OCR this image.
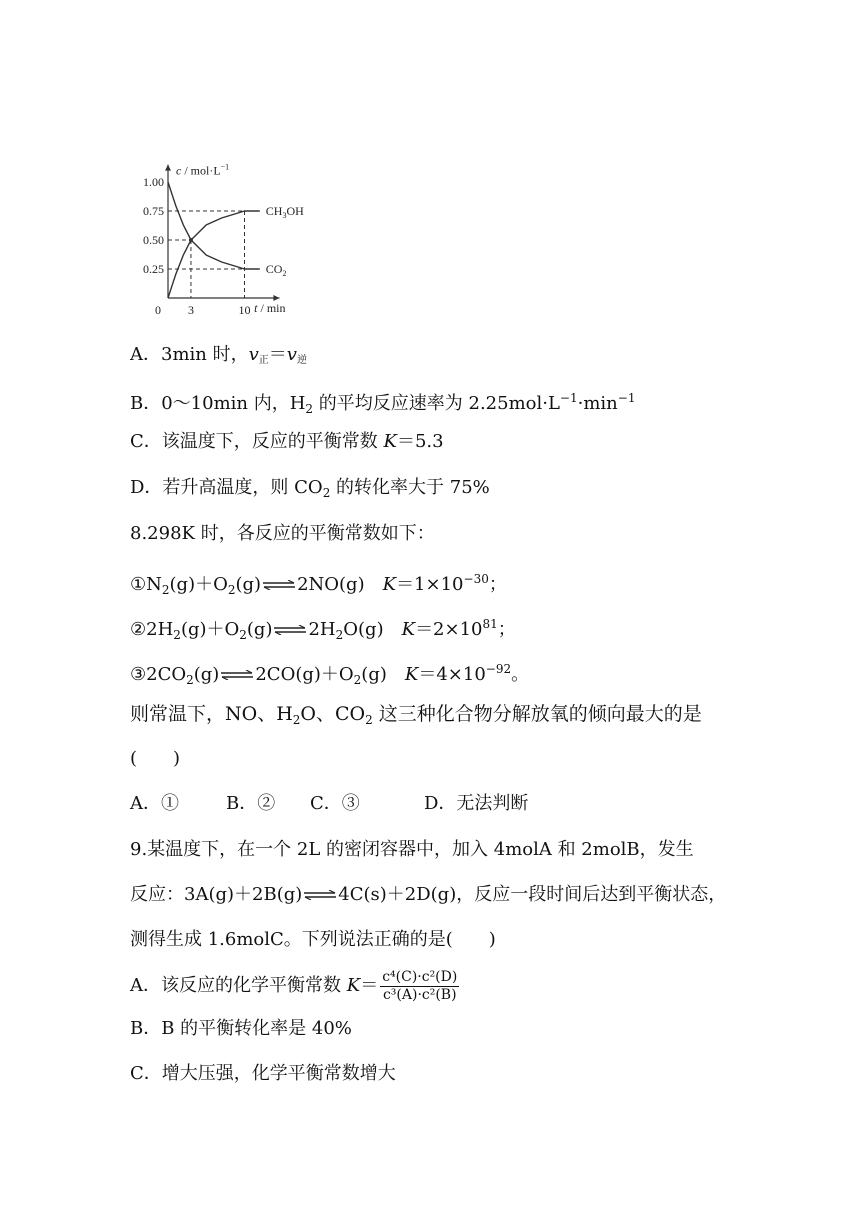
1.00
0.75
0.50
0.25
0 3	10
$CH_3OH$
$CO_2$
$c / mol\cdot L^{-1}$
t / min
A．3min 时，v正＝v逆
B．0～10min 内，$H_2$ 的平均反应速率为 $2.25mol\cdot L^{-1}\cdot\min^{-1}$
C．该温度下，反应的平衡常数 K＝5.3
D．若升高温度，则 $CO_2$ 的转化率大于 75%
8.298K 时，各反应的平衡常数如下：
$①N_2(g)+O_2(g)\rightleftharpoons 2NO(g)$　 $K=1\times 10^{-30}$；
$②2H_2(g)+O_2(g)\rightleftharpoons 2H_2O(g)$　 $K=2\times 10^{81}$；
$③2CO_2(g)\rightleftharpoons 2CO(g)+O_2(g)$　 $K=4\times 10^{-92}$。
则常温下，NO、$H_2O$、$CO_2$ 这三种化合物分解放氧的倾向最大的是
(　　)
A．①	B．② C．③	D．无法判断
9.某温度下，在一个 2L 的密闭容器中，加入 4molA 和 2molB，发生
反应：3A(g)＋2B(g)⇌4C(s)＋2D(g)，反应一段时间后达到平衡状态，
测得生成 1.6molC。下列说法正确的是(　　)
A．该反应的化学平衡常数 $K= \frac{\text{c⁴(C)·c²(D)}}{\text{c³(A)·c²(B)}}$
B．B 的平衡转化率是 40%
C．增大压强，化学平衡常数增大
